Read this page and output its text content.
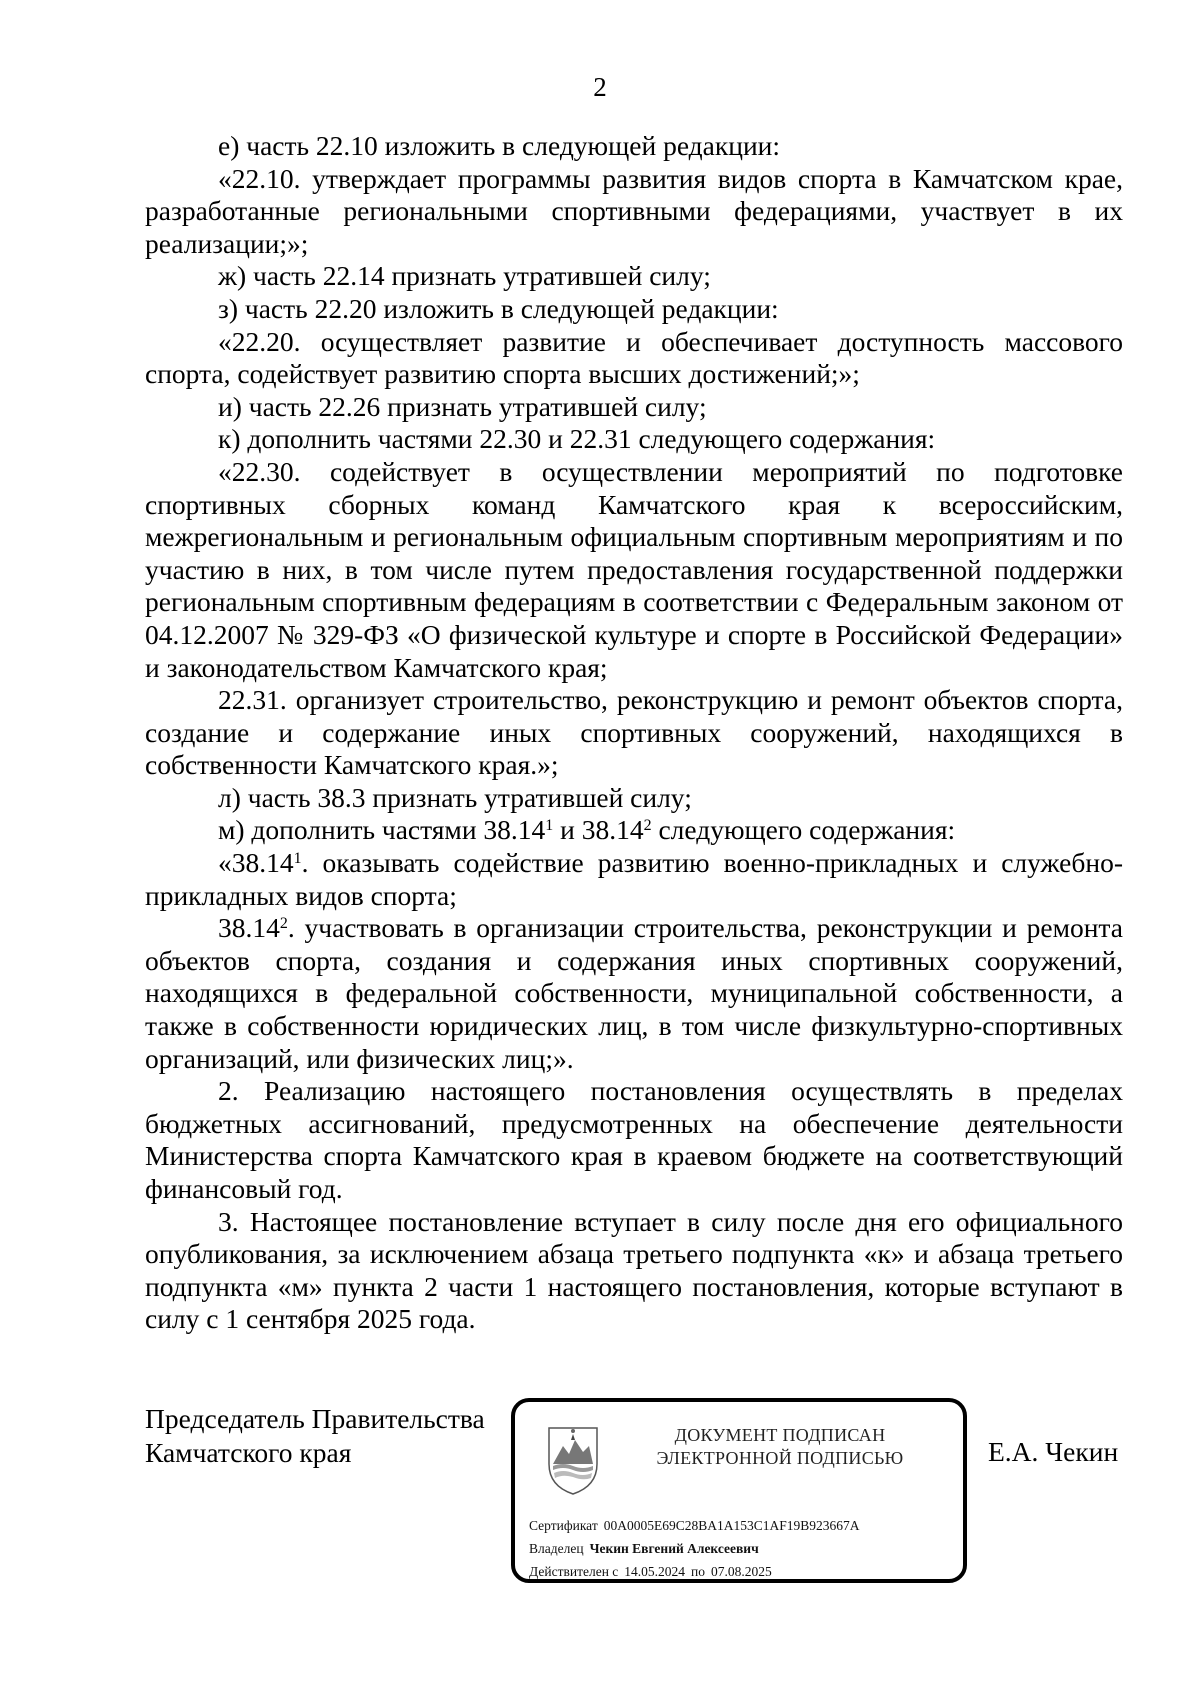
2

е) часть 22.10 изложить в следующей редакции:

«22.10. утверждает программы развития видов спорта в Камчатском крае, разработанные региональными спортивными федерациями, участвует в их реализации;»;

ж) часть 22.14 признать утратившей силу;

з) часть 22.20 изложить в следующей редакции:

«22.20. осуществляет развитие и обеспечивает доступность массового спорта, содействует развитию спорта высших достижений;»;

и) часть 22.26 признать утратившей силу;

к) дополнить частями 22.30 и 22.31 следующего содержания:

«22.30. содействует в осуществлении мероприятий по подготовке спортивных сборных команд Камчатского края к всероссийским, межрегиональным и региональным официальным спортивным мероприятиям и по участию в них, в том числе путем предоставления государственной поддержки региональным спортивным федерациям в соответствии с Федеральным законом от 04.12.2007 № 329-ФЗ «О физической культуре и спорте в Российской Федерации» и законодательством Камчатского края;

22.31. организует строительство, реконструкцию и ремонт объектов спорта, создание и содержание иных спортивных сооружений, находящихся в собственности Камчатского края.»;

л) часть 38.3 признать утратившей силу;

м) дополнить частями 38.14$^1$ и 38.14$^2$ следующего содержания:

«38.14$^1$. оказывать содействие развитию военно-прикладных и служебно-прикладных видов спорта;

38.14$^2$. участвовать в организации строительства, реконструкции и ремонта объектов спорта, создания и содержания иных спортивных сооружений, находящихся в федеральной собственности, муниципальной собственности, а также в собственности юридических лиц, в том числе физкультурно-спортивных организаций, или физических лиц;».

2. Реализацию настоящего постановления осуществлять в пределах бюджетных ассигнований, предусмотренных на обеспечение деятельности Министерства спорта Камчатского края в краевом бюджете на соответствующий финансовый год.

3. Настоящее постановление вступает в силу после дня его официального опубликования, за исключением абзаца третьего подпункта «к» и абзаца третьего подпункта «м» пункта 2 части 1 настоящего постановления, которые вступают в силу с 1 сентября 2025 года.

Председатель Правительства
Камчатского края
ДОКУМЕНТ ПОДПИСАН
ЭЛЕКТРОННОЙ ПОДПИСЬЮ
Сертификат 00A0005E69C28BA1A153C1AF19B923667A
Владелец Чекин Евгений Алексеевич
Действителен с 14.05.2024 по 07.08.2025
Е.А. Чекин
